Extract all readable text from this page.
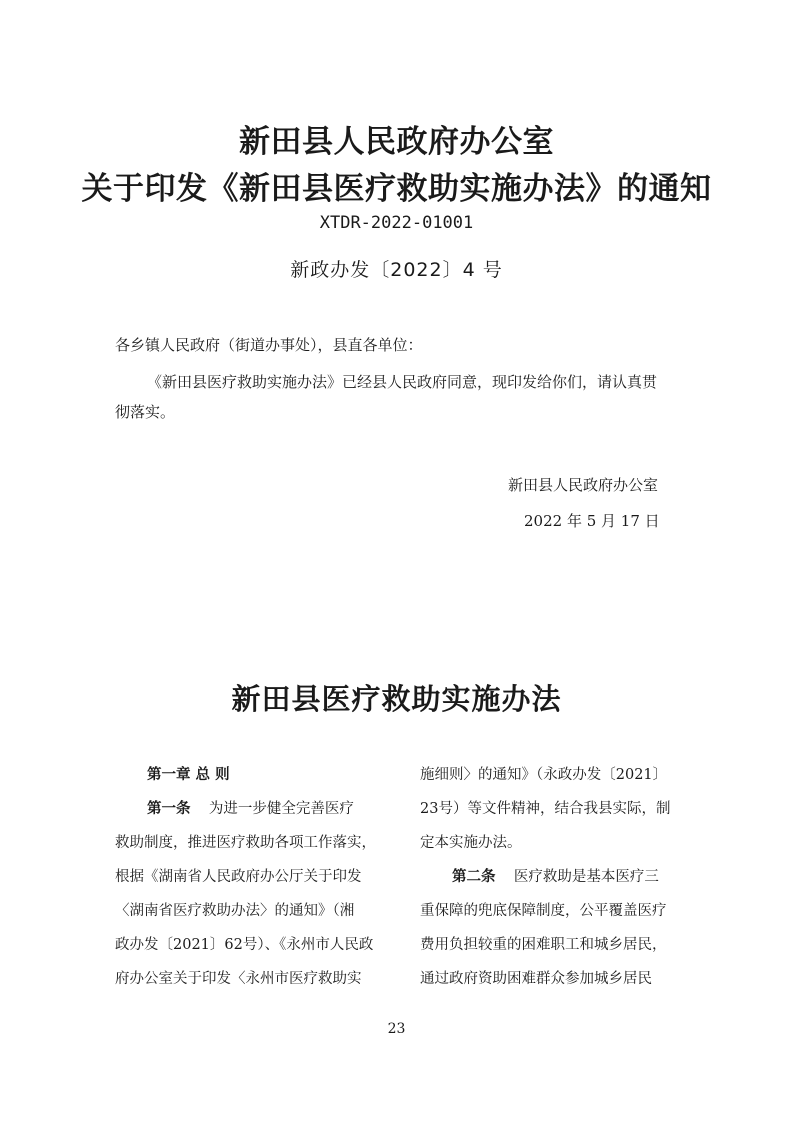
新田县人民政府办公室
关于印发《新田县医疗救助实施办法》的通知
XTDR-2022-01001
新政办发〔2022〕4 号
各乡镇人民政府（街道办事处），县直各单位：
《新田县医疗救助实施办法》已经县人民政府同意，现印发给你们，请认真贯
彻落实。
新田县人民政府办公室
2022 年 5 月 17 日
新田县医疗救助实施办法
第一章 总 则
第一条    为进一步健全完善医疗
救助制度，推进医疗救助各项工作落实，
根据《湖南省人民政府办公厅关于印发
〈湖南省医疗救助办法〉的通知》（湘
政办发〔2021〕62号）、《永州市人民政
府办公室关于印发〈永州市医疗救助实
施细则〉的通知》（永政办发〔2021〕
23号）等文件精神，结合我县实际，制
定本实施办法。
第二条    医疗救助是基本医疗三
重保障的兜底保障制度，公平覆盖医疗
费用负担较重的困难职工和城乡居民，
通过政府资助困难群众参加城乡居民
23
